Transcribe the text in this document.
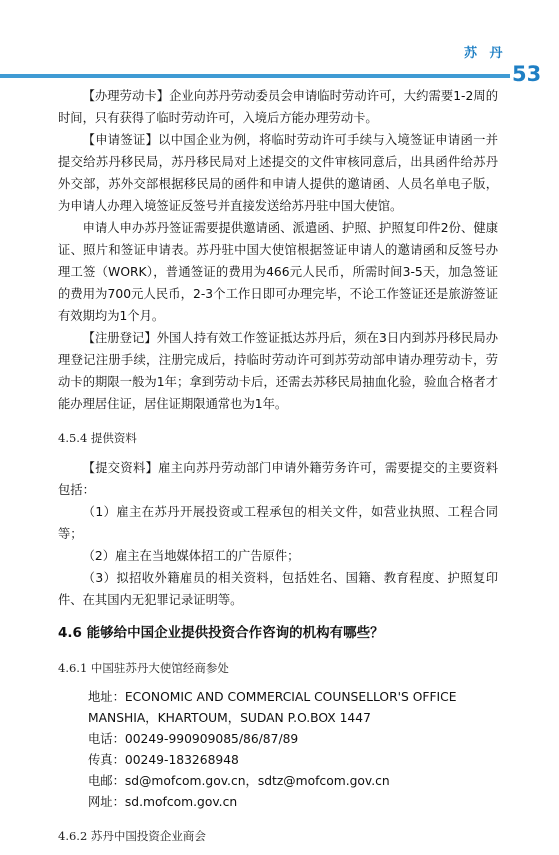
苏 丹
53

【办理劳动卡】企业向苏丹劳动委员会申请临时劳动许可，大约需要1-2周的时间，只有获得了临时劳动许可，入境后方能办理劳动卡。

【申请签证】以中国企业为例，将临时劳动许可手续与入境签证申请函一并提交给苏丹移民局，苏丹移民局对上述提交的文件审核同意后，出具函件给苏丹外交部，苏外交部根据移民局的函件和申请人提供的邀请函、人员名单电子版，为申请人办理入境签证反签号并直接发送给苏丹驻中国大使馆。

申请人申办苏丹签证需要提供邀请函、派遣函、护照、护照复印件2份、健康证、照片和签证申请表。苏丹驻中国大使馆根据签证申请人的邀请函和反签号办理工签（WORK），普通签证的费用为466元人民币，所需时间3-5天，加急签证的费用为700元人民币，2-3个工作日即可办理完毕，不论工作签证还是旅游签证有效期均为1个月。

【注册登记】外国人持有效工作签证抵达苏丹后，须在3日内到苏丹移民局办理登记注册手续，注册完成后，持临时劳动许可到苏劳动部申请办理劳动卡，劳动卡的期限一般为1年；拿到劳动卡后，还需去苏移民局抽血化验，验血合格者才能办理居住证，居住证期限通常也为1年。

4.5.4 提供资料

【提交资料】雇主向苏丹劳动部门申请外籍劳务许可，需要提交的主要资料包括：

（1）雇主在苏丹开展投资或工程承包的相关文件，如营业执照、工程合同等；

（2）雇主在当地媒体招工的广告原件；

（3）拟招收外籍雇员的相关资料，包括姓名、国籍、教育程度、护照复印件、在其国内无犯罪记录证明等。

4.6 能够给中国企业提供投资合作咨询的机构有哪些？
4.6.1 中国驻苏丹大使馆经商参处
地址：ECONOMIC AND COMMERCIAL COUNSELLOR'S OFFICE MANSHIA，KHARTOUM，SUDAN P.O.BOX 1447
电话：00249-990909085/86/87/89
传真：00249-183268948
电邮：sd@mofcom.gov.cn，sdtz@mofcom.gov.cn
网址：sd.mofcom.gov.cn
4.6.2 苏丹中国投资企业商会
